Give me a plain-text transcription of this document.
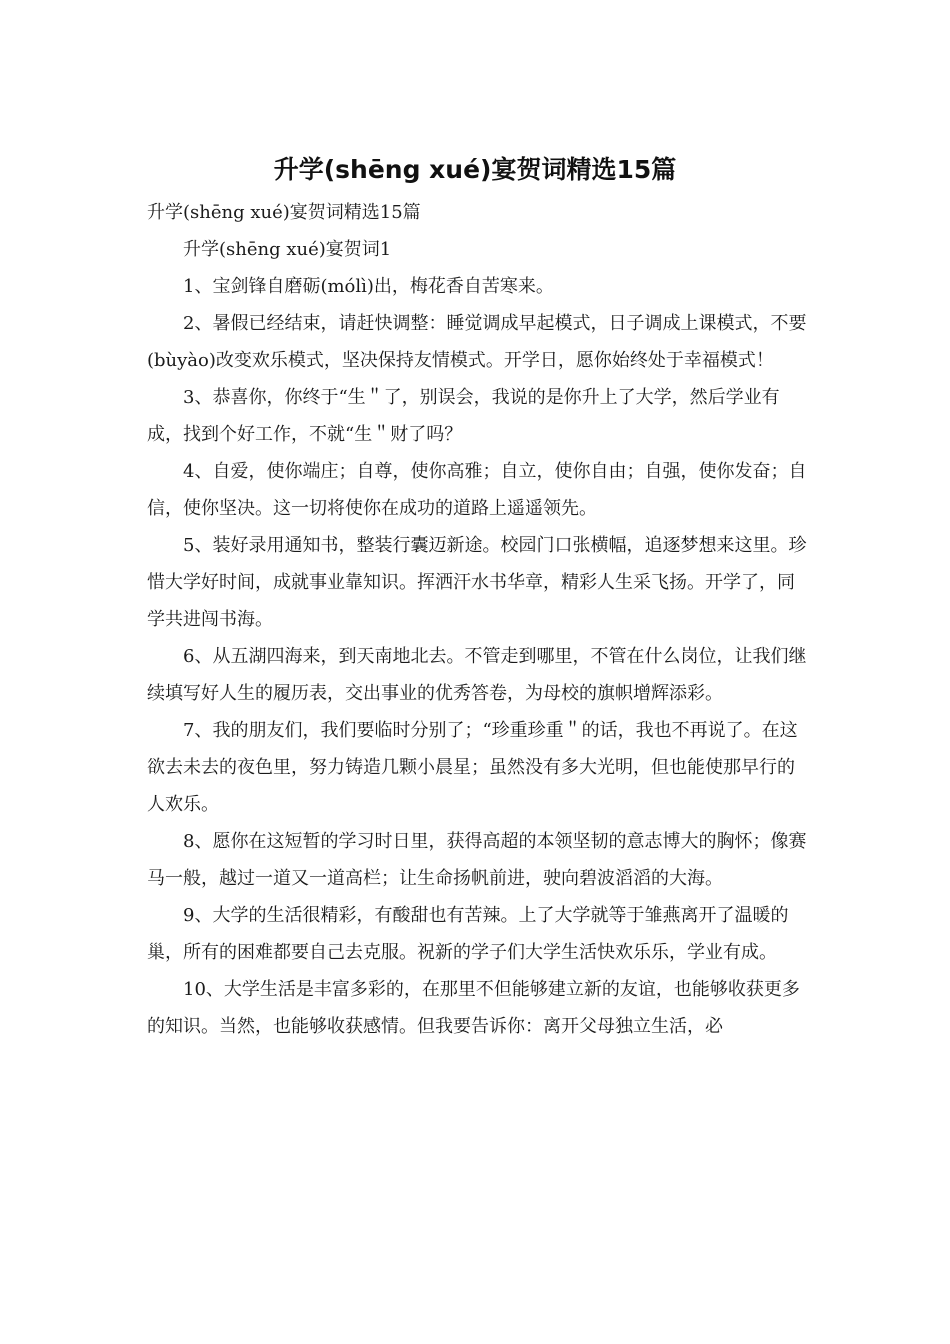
升学(shēng xué)宴贺词精选15篇

升学(shēng xué)宴贺词精选15篇

升学(shēng xué)宴贺词1

1、宝剑锋自磨砺(mólì)出，梅花香自苦寒来。

2、暑假已经结束，请赶快调整：睡觉调成早起模式，日子调成上课模式，不要(bùyào)改变欢乐模式，坚决保持友情模式。开学日，愿你始终处于幸福模式！

3、恭喜你，你终于“生＂了，别误会，我说的是你升上了大学，然后学业有成，找到个好工作，不就“生＂财了吗？

4、自爱，使你端庄；自尊，使你高雅；自立，使你自由；自强，使你发奋；自信，使你坚决。这一切将使你在成功的道路上遥遥领先。

5、装好录用通知书，整装行囊迈新途。校园门口张横幅，追逐梦想来这里。珍惜大学好时间，成就事业靠知识。挥洒汗水书华章，精彩人生采飞扬。开学了，同学共进闯书海。

6、从五湖四海来，到天南地北去。不管走到哪里，不管在什么岗位，让我们继续填写好人生的履历表，交出事业的优秀答卷，为母校的旗帜增辉添彩。

7、我的朋友们，我们要临时分别了；“珍重珍重＂的话，我也不再说了。在这欲去未去的夜色里，努力铸造几颗小晨星；虽然没有多大光明，但也能使那早行的人欢乐。

8、愿你在这短暂的学习时日里，获得高超的本领坚韧的意志博大的胸怀；像赛马一般，越过一道又一道高栏；让生命扬帆前进，驶向碧波滔滔的大海。

9、大学的生活很精彩，有酸甜也有苦辣。上了大学就等于雏燕离开了温暖的巢，所有的困难都要自己去克服。祝新的学子们大学生活快欢乐乐，学业有成。

10、大学生活是丰富多彩的，在那里不但能够建立新的友谊，也能够收获更多的知识。当然，也能够收获感情。但我要告诉你：离开父母独立生活，必
